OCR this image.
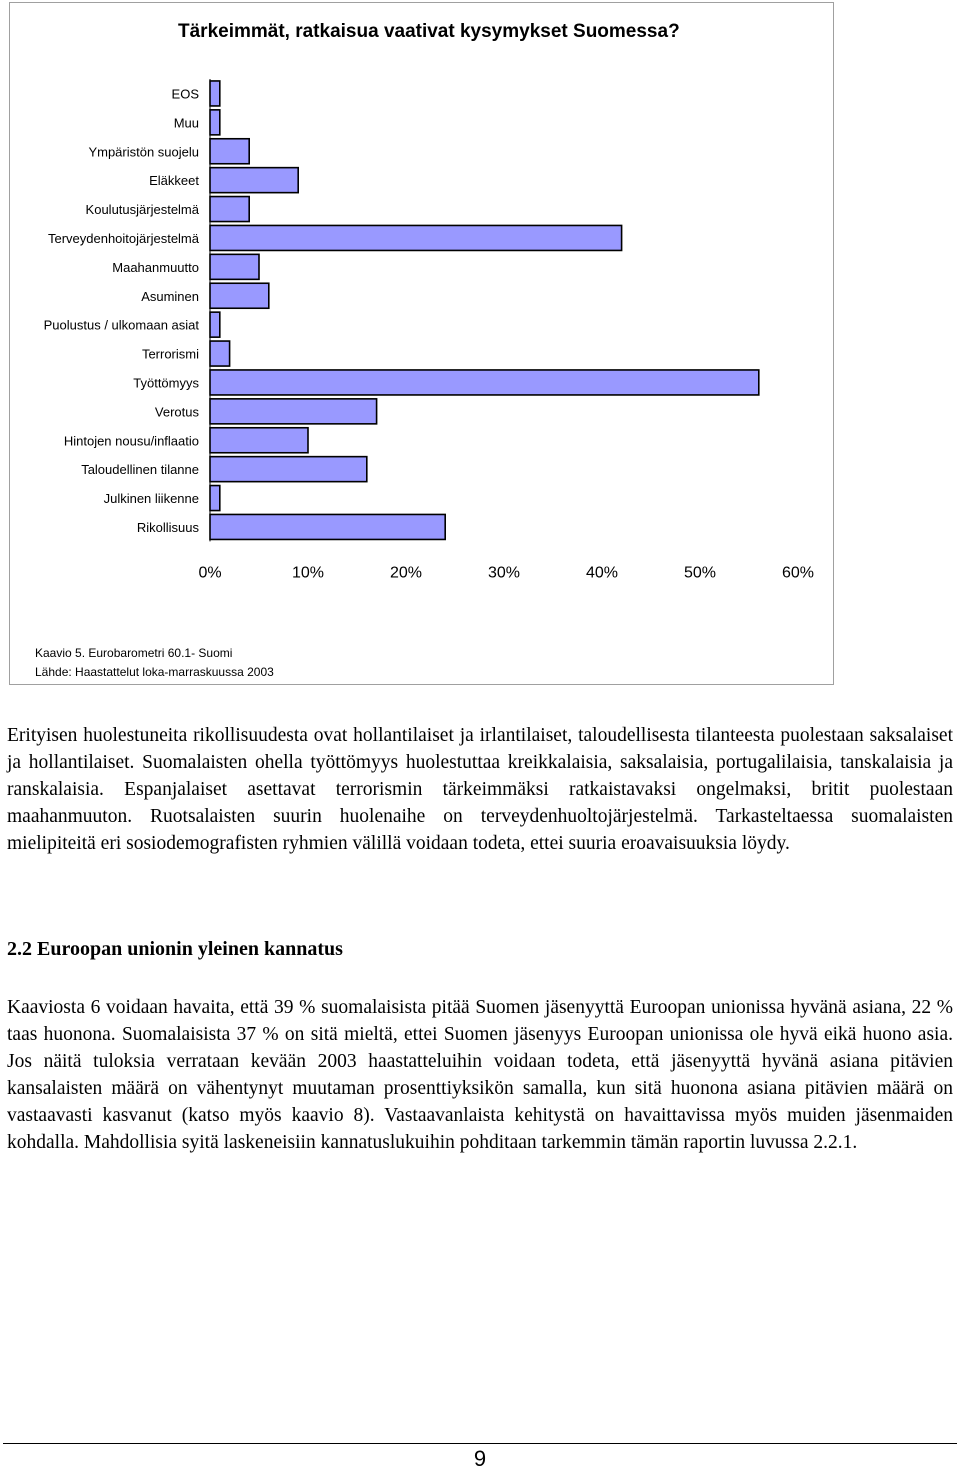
Tärkeimmät, ratkaisua vaativat kysymykset Suomessa?
EOS
Muu
Ympäristön suojelu
Eläkkeet
Koulutusjärjestelmä
Terveydenhoitojärjestelmä
Maahanmuutto
Asuminen
Puolustus / ulkomaan asiat
Terrorismi
Työttömyys
Verotus
Hintojen nousu/inflaatio
Taloudellinen tilanne
Julkinen liikenne
Rikollisuus
0%	10%	20%	30%	40%	50%	60%
Kaavio 5. Eurobarometri 60.1- Suomi
Lähde: Haastattelut loka-marraskuussa 2003

Erityisen huolestuneita rikollisuudesta ovat hollantilaiset ja irlantilaiset, taloudellisesta tilanteesta puolestaan saksalaiset ja hollantilaiset. Suomalaisten ohella työttömyys huolestuttaa kreikkalaisia, saksalaisia, portugalilaisia, tanskalaisia ja ranskalaisia. Espanjalaiset asettavat terrorismin tärkeimmäksi ratkaistavaksi ongelmaksi, britit puolestaan maahanmuuton. Ruotsalaisten suurin huolenaihe on terveydenhuoltojärjestelmä. Tarkasteltaessa suomalaisten mielipiteitä eri sosiodemografisten ryhmien välillä voidaan todeta, ettei suuria eroavaisuuksia löydy.

2.2 Euroopan unionin yleinen kannatus

Kaaviosta 6 voidaan havaita, että 39 % suomalaisista pitää Suomen jäsenyyttä Euroopan unionissa hyvänä asiana, 22 % taas huonona. Suomalaisista 37 % on sitä mieltä, ettei Suomen jäsenyys Euroopan unionissa ole hyvä eikä huono asia. Jos näitä tuloksia verrataan kevään 2003 haastatteluihin voidaan todeta, että jäsenyyttä hyvänä asiana pitävien kansalaisten määrä on vähentynyt muutaman prosenttiyksikön samalla, kun sitä huonona asiana pitävien määrä on vastaavasti kasvanut (katso myös kaavio 8). Vastaavanlaista kehitystä on havaittavissa myös muiden jäsenmaiden kohdalla. Mahdollisia syitä laskeneisiin kannatuslukuihin pohditaan tarkemmin tämän raportin luvussa 2.2.1.

9
